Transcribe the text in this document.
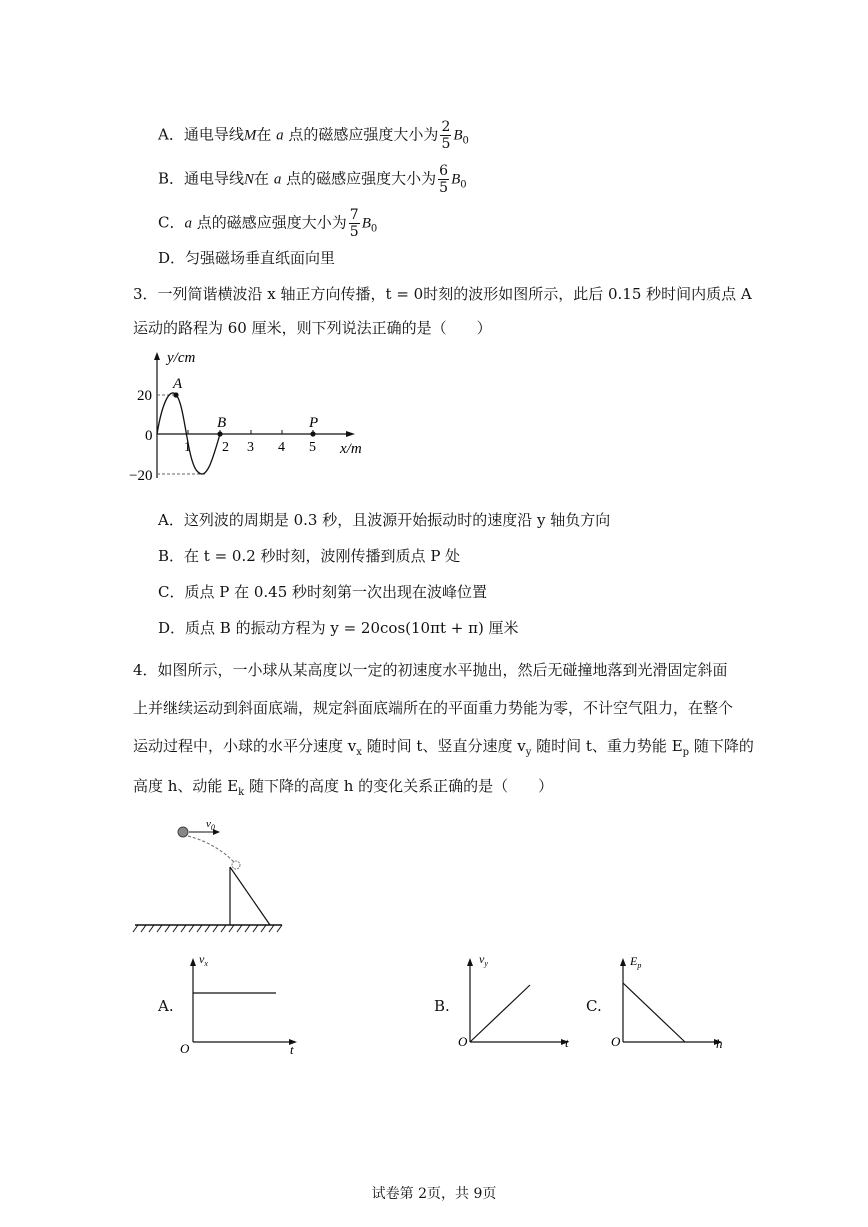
A．通电导线M在 a 点的磁感应强度大小为 $\frac{2}{5} B_0$
B．通电导线N在 a 点的磁感应强度大小为 $\frac{6}{5} B_0$
C．a 点的磁感应强度大小为 $\frac{7}{5} B_0$
D．匀强磁场垂直纸面向里
3．一列简谐横波沿 x 轴正方向传播，t = 0时刻的波形如图所示，此后 0.15 秒时间内质点 A
运动的路程为 60 厘米，则下列说法正确的是（　　）
y/cm
x/m
20
0
−20
1 2 3 4 5
A
B	P
A．这列波的周期是 0.3 秒，且波源开始振动时的速度沿 y 轴负方向
B．在 t = 0.2 秒时刻，波刚传播到质点 P 处
C．质点 P 在 0.45 秒时刻第一次出现在波峰位置
D．质点 B 的振动方程为 y = 20cos(10πt + π) 厘米
4．如图所示，一小球从某高度以一定的初速度水平抛出，然后无碰撞地落到光滑固定斜面
上并继续运动到斜面底端，规定斜面底端所在的平面重力势能为零，不计空气阻力，在整个
运动过程中，小球的水平分速度 $v_x$ 随时间 t、竖直分速度 $v_y$ 随时间 t、重力势能 $E_p$ 随下降的
高度 h、动能 $E_k$ 随下降的高度 h 的变化关系正确的是（　　）
$v_0$
A.
$v_x$
O	t
B.
$v_y$
O	t
C.
$E_p$
O	h
试卷第 2页，共 9页
